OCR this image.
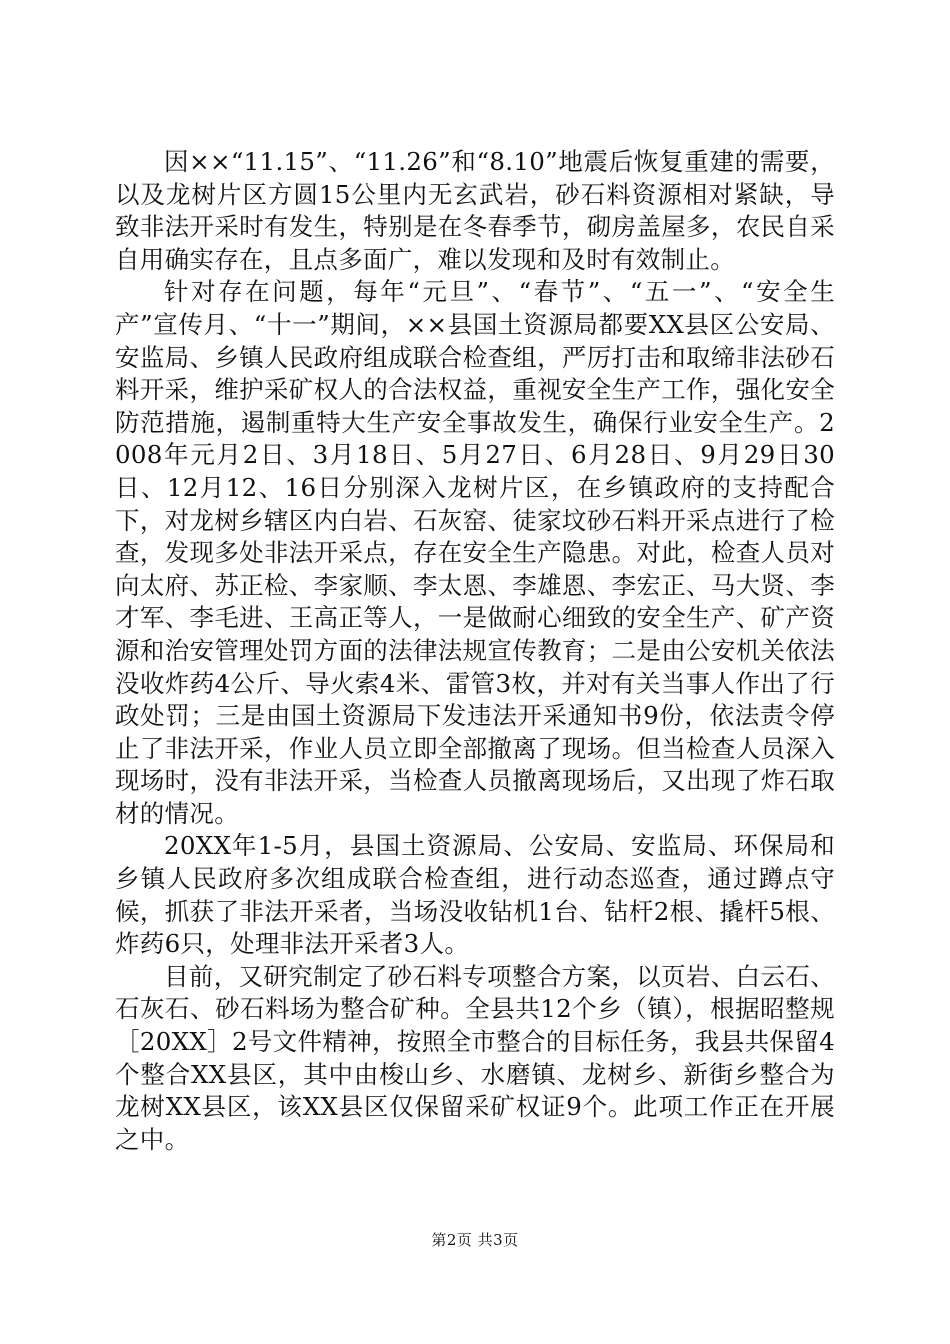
因××“11.15”、“11.26”和“8.10”地震后恢复重建的需要，以及龙树片区方圆15公里内无玄武岩，砂石料资源相对紧缺，导致非法开采时有发生，特别是在冬春季节，砌房盖屋多，农民自采自用确实存在，且点多面广，难以发现和及时有效制止。

针对存在问题，每年“元旦”、“春节”、“五一”、“安全生产”宣传月、“十一”期间，××县国土资源局都要XX县区公安局、安监局、乡镇人民政府组成联合检查组，严厉打击和取缔非法砂石料开采，维护采矿权人的合法权益，重视安全生产工作，强化安全防范措施，遏制重特大生产安全事故发生，确保行业安全生产。2008年元月2日、3月18日、5月27日、6月28日、9月29日30日、12月12、16日分别深入龙树片区，在乡镇政府的支持配合下，对龙树乡辖区内白岩、石灰窑、徒家坟砂石料开采点进行了检查，发现多处非法开采点，存在安全生产隐患。对此，检查人员对向太府、苏正检、李家顺、李太恩、李雄恩、李宏正、马大贤、李才军、李毛进、王高正等人，一是做耐心细致的安全生产、矿产资源和治安管理处罚方面的法律法规宣传教育；二是由公安机关依法没收炸药4公斤、导火索4米、雷管3枚，并对有关当事人作出了行政处罚；三是由国土资源局下发违法开采通知书9份，依法责令停止了非法开采，作业人员立即全部撤离了现场。但当检查人员深入现场时，没有非法开采，当检查人员撤离现场后，又出现了炸石取材的情况。

20XX年1-5月，县国土资源局、公安局、安监局、环保局和乡镇人民政府多次组成联合检查组，进行动态巡查，通过蹲点守候，抓获了非法开采者，当场没收钻机1台、钻杆2根、撬杆5根、炸药6只，处理非法开采者3人。

目前，又研究制定了砂石料专项整合方案，以页岩、白云石、石灰石、砂石料场为整合矿种。全县共12个乡（镇），根据昭整规［20XX］2号文件精神，按照全市整合的目标任务，我县共保留4个整合XX县区，其中由梭山乡、水磨镇、龙树乡、新街乡整合为龙树XX县区，该XX县区仅保留采矿权证9个。此项工作正在开展之中。

第2页 共3页
